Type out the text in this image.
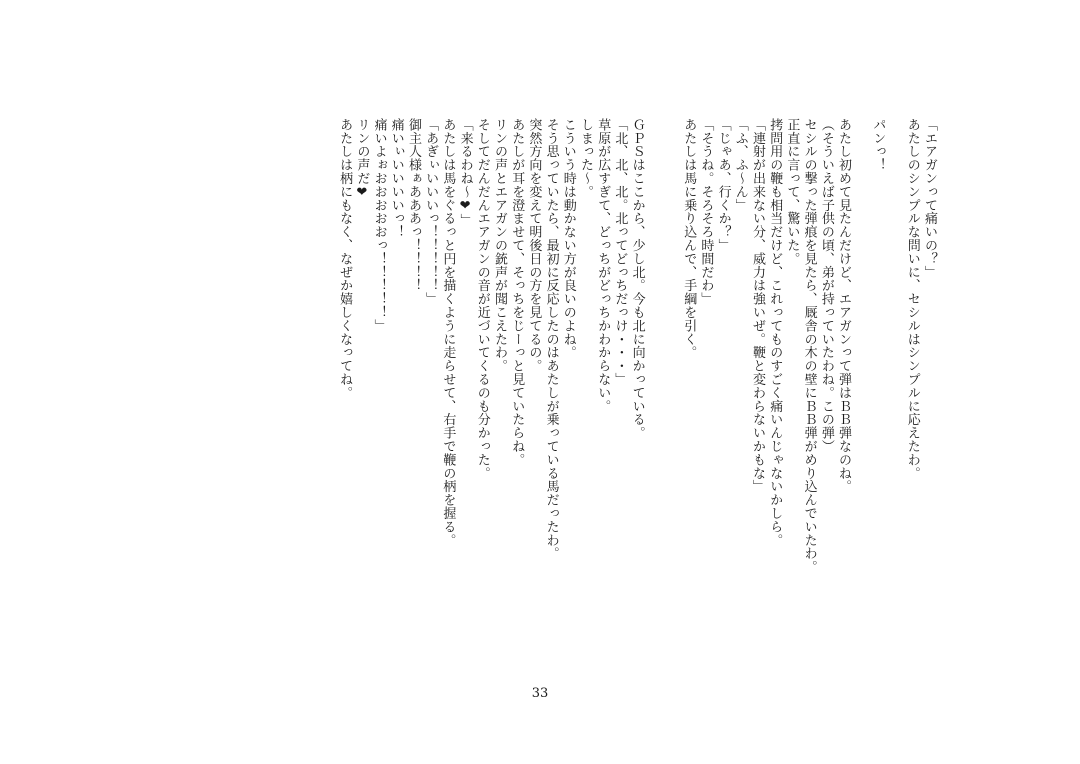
「エアガンって痛いの？」
あたしのシンプルな問いに、セシルはシンプルに応えたわ。
パンっ！
あたし初めて見たんだけど、エアガンって弾はＢＢ弾なのね。
（そういえば子供の頃、弟が持っていたわね。この弾）
セシルの撃った弾痕を見たら、厩舎の木の壁にＢＢ弾がめり込んでいたわ。
正直に言って、驚いた。
拷問用の鞭も相当だけど、これってものすごく痛いんじゃないかしら。
「連射が出来ない分、威力は強いぜ。鞭と変わらないかもな」
「ふ、ふ〜ん」
「じゃあ、行くか？」
「そうね。そろそろ時間だわ」
あたしは馬に乗り込んで、手綱を引く。
ＧＰＳはここから、少し北。今も北に向かっている。
「北、北、北。北ってどっちだっけ・・・」
草原が広すぎて、どっちがどっちかわからない。
しまった〜。
こういう時は動かない方が良いのよね。
そう思っていたら、最初に反応したのはあたしが乗っている馬だったわ。
突然方向を変えて明後日の方を見てるの。
あたしが耳を澄ませて、そっちをじーっと見ていたらね。
リンの声とエアガンの銃声が聞こえたわ。
そしてだんだんエアガンの音が近づいてくるのも分かった。
「来るわね〜❤」
あたしは馬をぐるっと円を描くように走らせて、右手で鞭の柄を握る。
「あぎぃいいいっ！！！！！」
御主人様ぁあああっ！！！！
痛いぃいいいいっ！
痛いよぉおおおおおっ！！！！！」
リンの声だ❤
あたしは柄にもなく、なぜか嬉しくなってね。
33
